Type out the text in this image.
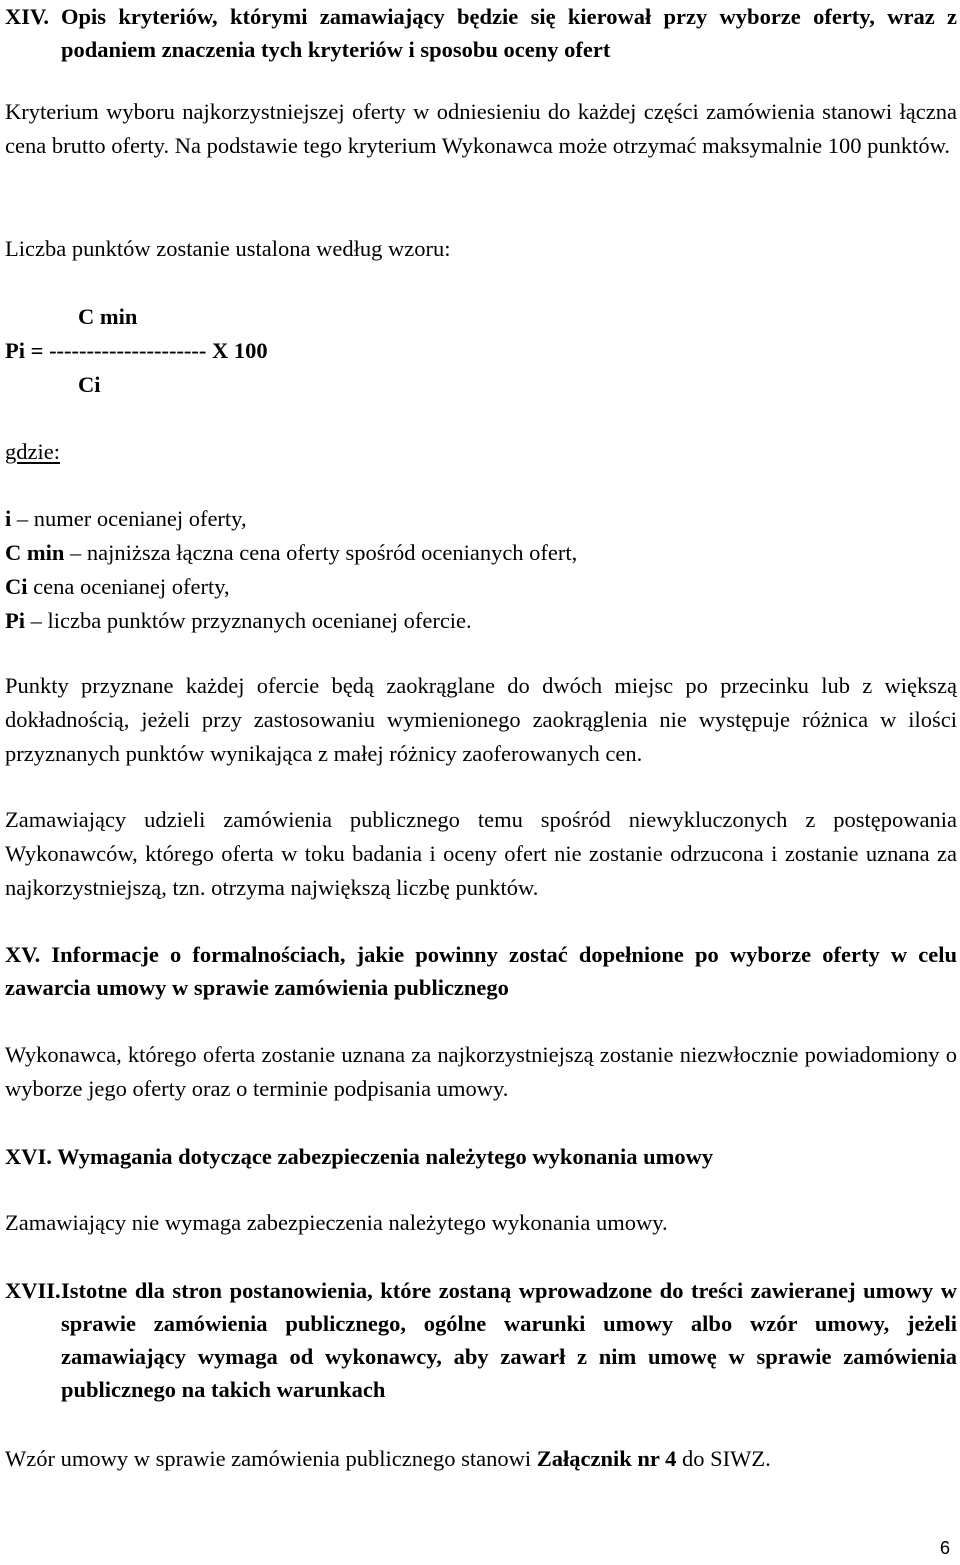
XIV. Opis kryteriów, którymi zamawiający będzie się kierował przy wyborze oferty, wraz z podaniem znaczenia tych kryteriów i sposobu oceny ofert
Kryterium wyboru najkorzystniejszej oferty w odniesieniu do każdej części zamówienia stanowi łączna cena brutto oferty. Na podstawie tego kryterium Wykonawca może otrzymać maksymalnie 100 punktów.
Liczba punktów zostanie ustalona według wzoru:
C min
Pi = --------------------- X 100
Ci
gdzie:
i – numer ocenianej oferty,
C min – najniższa łączna cena oferty spośród ocenianych ofert,
Ci cena ocenianej oferty,
Pi – liczba punktów przyznanych ocenianej ofercie.
Punkty przyznane każdej ofercie będą zaokrąglane do dwóch miejsc po przecinku lub z większą dokładnością, jeżeli przy zastosowaniu wymienionego zaokrąglenia nie występuje różnica w ilości przyznanych punktów wynikająca z małej różnicy zaoferowanych cen.
Zamawiający udzieli zamówienia publicznego temu spośród niewykluczonych z postępowania Wykonawców, którego oferta w toku badania i oceny ofert nie zostanie odrzucona i zostanie uznana za najkorzystniejszą, tzn. otrzyma największą liczbę punktów.
XV. Informacje o formalnościach, jakie powinny zostać dopełnione po wyborze oferty w celu zawarcia umowy w sprawie zamówienia publicznego
Wykonawca, którego oferta zostanie uznana za najkorzystniejszą zostanie niezwłocznie powiadomiony o wyborze jego oferty oraz o terminie podpisania umowy.
XVI. Wymagania dotyczące zabezpieczenia należytego wykonania umowy
Zamawiający nie wymaga zabezpieczenia należytego wykonania umowy.
XVII. Istotne dla stron postanowienia, które zostaną wprowadzone do treści zawieranej umowy w sprawie zamówienia publicznego, ogólne warunki umowy albo wzór umowy, jeżeli zamawiający wymaga od wykonawcy, aby zawarł z nim umowę w sprawie zamówienia publicznego na takich warunkach
Wzór umowy w sprawie zamówienia publicznego stanowi Załącznik nr 4 do SIWZ.
6
